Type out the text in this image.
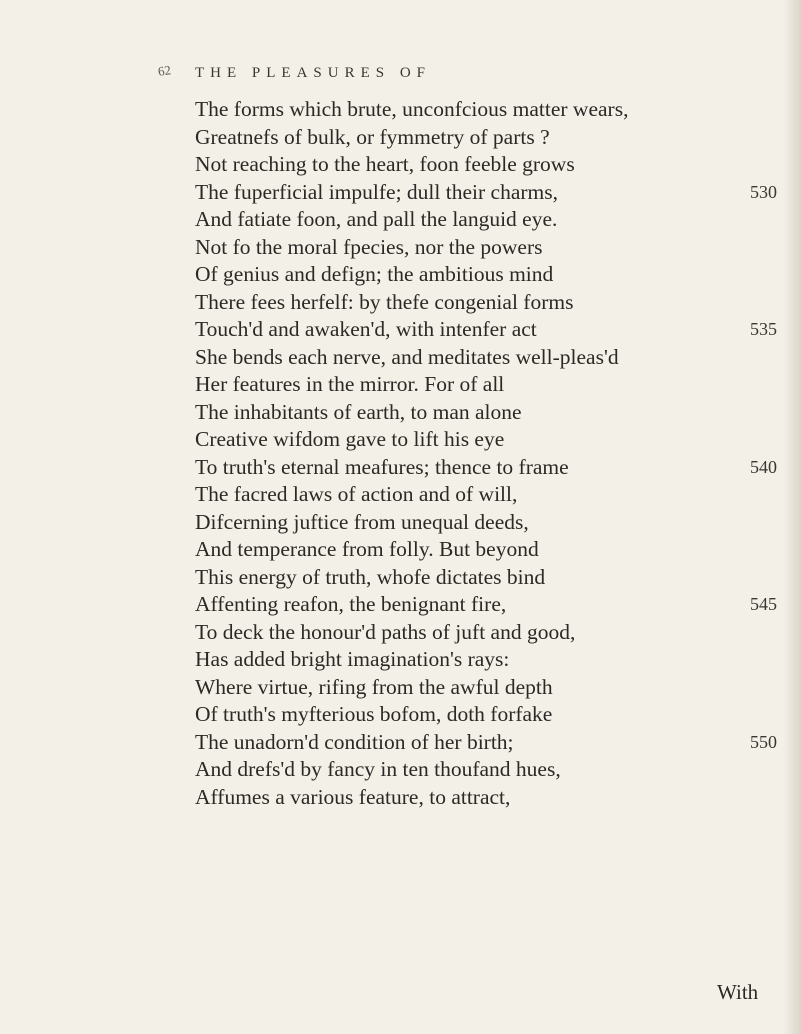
62 THE PLEASURES OF
The forms which brute, unconfcious matter wears,
Greatnefs of bulk, or fymmetry of parts ?
Not reaching to the heart, foon feeble grows
The fuperficial impulfe; dull their charms,	530
And fatiate foon, and pall the languid eye.
Not fo the moral fpecies, nor the powers
Of genius and defign; the ambitious mind
There fees herfelf: by thefe congenial forms
Touch'd and awaken'd, with intenfer act	535
She bends each nerve, and meditates well-pleas'd
Her features in the mirror. For of all
The inhabitants of earth, to man alone
Creative wifdom gave to lift his eye
To truth's eternal meafures; thence to frame	540
The facred laws of action and of will,
Difcerning juftice from unequal deeds,
And temperance from folly. But beyond
This energy of truth, whofe dictates bind
Affenting reafon, the benignant fire,	545
To deck the honour'd paths of juft and good,
Has added bright imagination's rays:
Where virtue, rifing from the awful depth
Of truth's myfterious bofom, doth forfake
The unadorn'd condition of her birth;	550
And drefs'd by fancy in ten thoufand hues,
Affumes a various feature, to attract,
With
